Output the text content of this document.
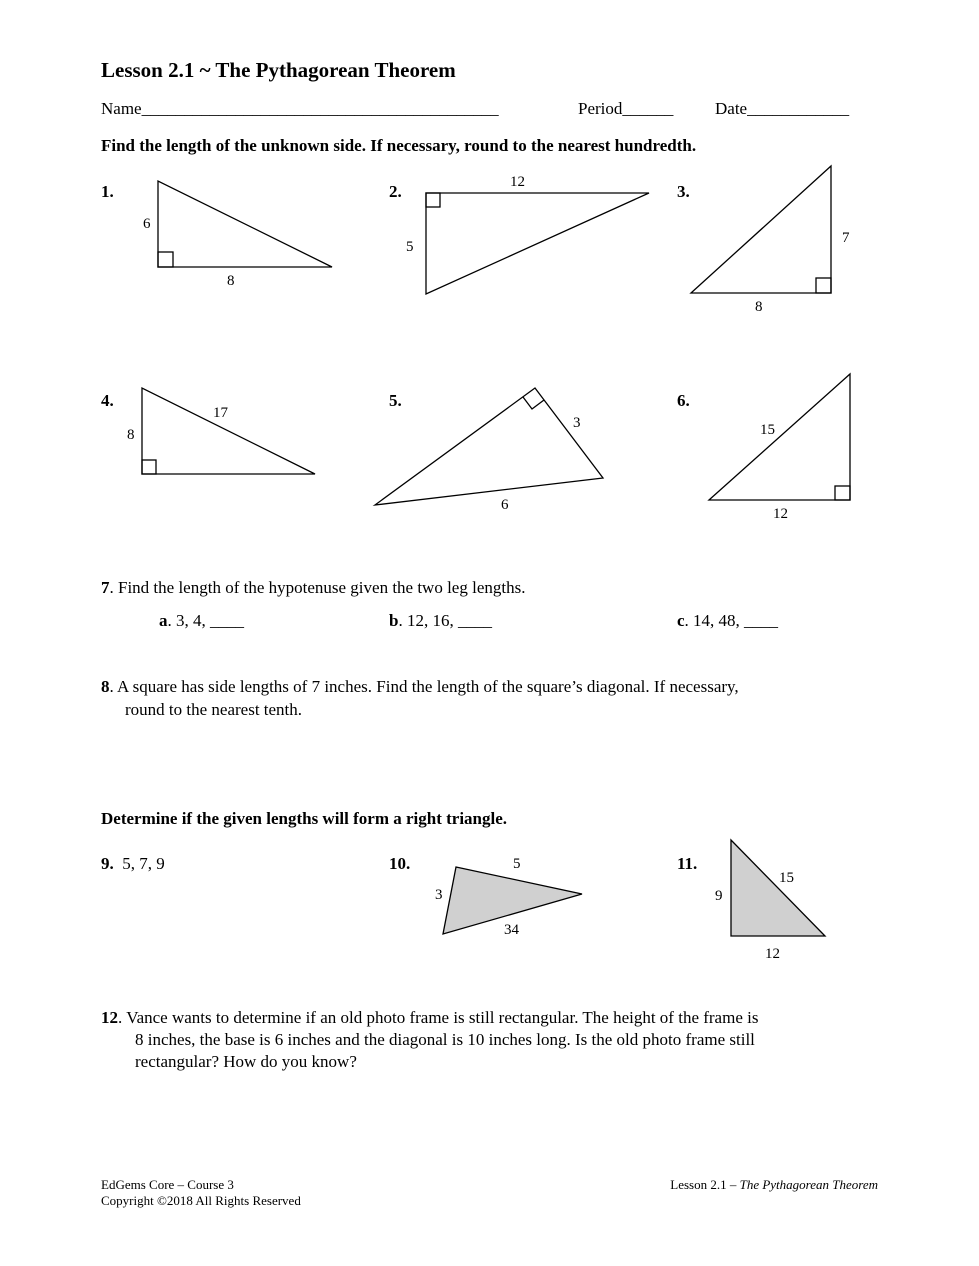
Lesson 2.1 ~ The Pythagorean Theorem
Name__________________________________________	Period______ Date____________
Find the length of the unknown side. If necessary, round to the nearest hundredth.
1.
6
8
2.	12
5
3.
7
8
4.
17
8
5.
3
6
6.
15
12
7. Find the length of the hypotenuse given the two leg lengths.
a. 3, 4, ____	b. 12, 16, ____	c. 14, 48, ____
8. A square has side lengths of 7 inches. Find the length of the square’s diagonal. If necessary,
round to the nearest tenth.
Determine if the given lengths will form a right triangle.
9. 5, 7, 9	10.	5
3
34
11.
15
9
12
12. Vance wants to determine if an old photo frame is still rectangular. The height of the frame is
8 inches, the base is 6 inches and the diagonal is 10 inches long. Is the old photo frame still
rectangular? How do you know?
EdGems Core – Course 3
Copyright ©2018 All Rights Reserved
Lesson 2.1 – The Pythagorean Theorem
